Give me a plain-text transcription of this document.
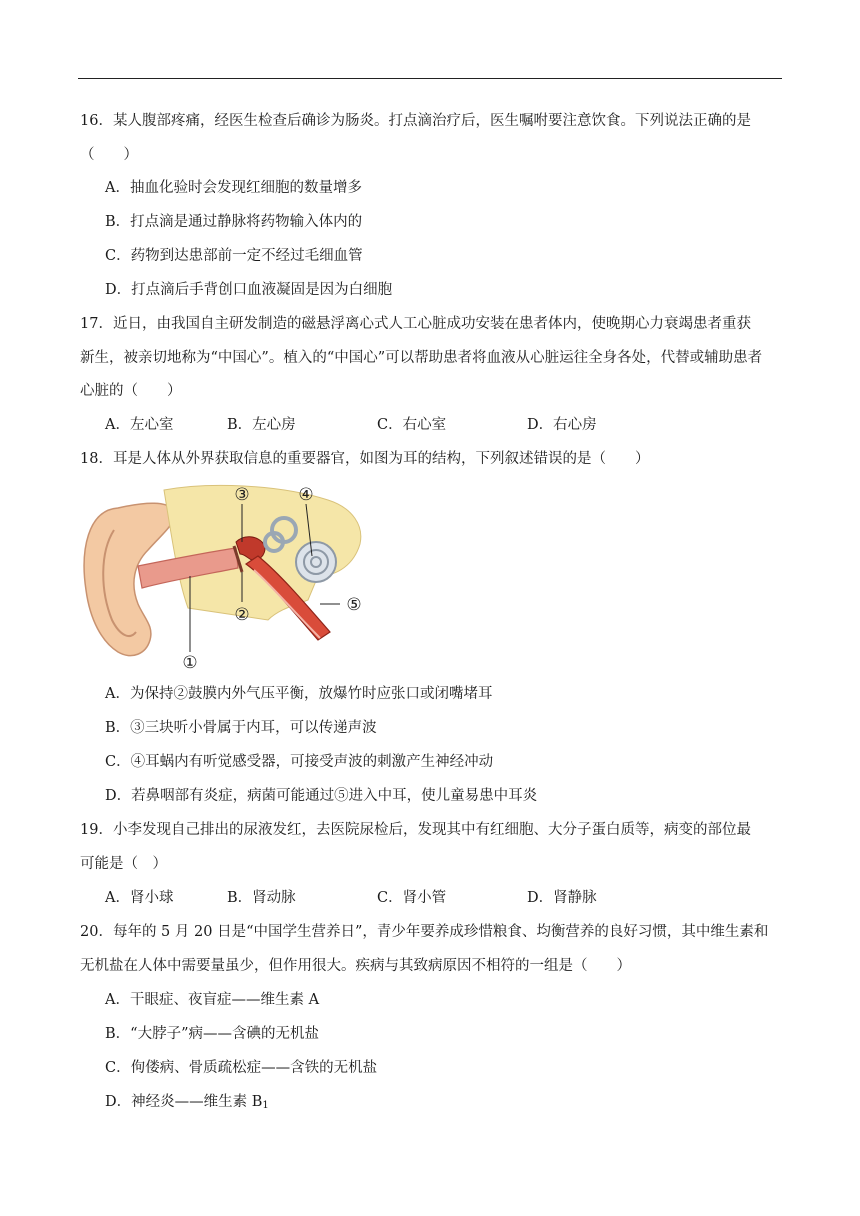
16．某人腹部疼痛，经医生检查后确诊为肠炎。打点滴治疗后，医生嘱咐要注意饮食。下列说法正确的是
（　　）
A．抽血化验时会发现红细胞的数量增多
B．打点滴是通过静脉将药物输入体内的
C．药物到达患部前一定不经过毛细血管
D．打点滴后手背创口血液凝固是因为白细胞
17．近日，由我国自主研发制造的磁悬浮离心式人工心脏成功安装在患者体内，使晚期心力衰竭患者重获
新生，被亲切地称为“中国心”。植入的“中国心”可以帮助患者将血液从心脏运往全身各处，代替或辅助患者
心脏的（　　）
A．左心室	B．左心房	C．右心室	D．右心房
18．耳是人体从外界获取信息的重要器官，如图为耳的结构，下列叙述错误的是（　　）
③	④
②	⑤
①
A．为保持②鼓膜内外气压平衡，放爆竹时应张口或闭嘴堵耳
B．③三块听小骨属于内耳，可以传递声波
C．④耳蜗内有听觉感受器，可接受声波的刺激产生神经冲动
D．若鼻咽部有炎症，病菌可能通过⑤进入中耳，使儿童易患中耳炎
19．小李发现自己排出的尿液发红，去医院尿检后，发现其中有红细胞、大分子蛋白质等，病变的部位最
可能是（　）
A．肾小球	B．肾动脉	C．肾小管	D．肾静脉
20．每年的 5 月 20 日是“中国学生营养日”，青少年要养成珍惜粮食、均衡营养的良好习惯，其中维生素和
无机盐在人体中需要量虽少，但作用很大。疾病与其致病原因不相符的一组是（　　）
A．干眼症、夜盲症——维生素 A
B．“大脖子”病——含碘的无机盐
C．佝偻病、骨质疏松症——含铁的无机盐
D．神经炎——维生素 $B_1$
